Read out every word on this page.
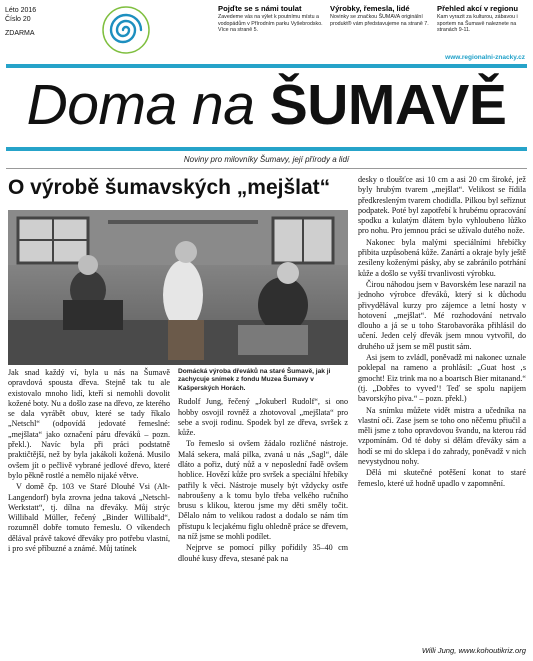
Léto 2016
Číslo 20
ZDARMA
Pojďte se s námi toulat
Zavedeme vás na výlet k poutnímu místu a vodopádům v Přírodním parku Vyšebrodsko. Více na straně 5.
Výrobky, řemesla, lidé
Novinky se značkou ŠUMAVA originální produkt® vám představujeme na straně 7.
Přehled akcí v regionu
Kam vyrazit za kulturou, zábavou i sportem na Šumavě naleznete na stranách 9-11.
www.regionalni-znacky.cz
Doma na ŠUMAVĚ
Noviny pro milovníky Šumavy, její přírody a lidí
O výrobě šumavských „mejšlat“

Jak snad každý ví, byla u nás na Šumavě opravdová spousta dřeva. Stejně tak tu ale existovalo mnoho lidí, kteří si nemohli dovolit kožené boty. Nu a došlo zase na dřevo, ze kterého se dala vyrábět obuv, které se tady říkalo „Netschl“ (odpovídá jedovaté řemeslné: „mejšlata“ jako označení páru dřeváků – pozn. překl.). Navíc byla při práci podstatně praktičtější, než by byla jakákoli kožená. Musilo ovšem jít o pečlivě vybrané jedlové dřevo, které bylo pěkně rostlé a nemělo nijaké větve.

V domě čp. 103 ve Staré Dlouhé Vsi (Alt-Langendorf) byla zrovna jedna taková „Netschl-Werkstatt“, tj. dílna na dřeváky. Můj strýc Willibald Müller, řečený „Binder Willibald“, rozumněl dobře tomuto řemeslu. O víkendech dělával právě takové dřeváky pro potřebu vlastní, i pro své příbuzné a známé. Můj tatínek

Domácká výroba dřeváků na staré Šumavě, jak ji zachycuje snímek z fondu Muzea Šumavy v Kašperských Horách.

Rudolf Jung, řečený „Jokuberl Rudolf“, si ono hobby osvojil rovněž a zhotovoval „mejšlata“ pro sebe a svoji rodinu. Spodek byl ze dřeva, svršek z kůže.

To řemeslo si ovšem žádalo rozličné nástroje. Malá sekera, malá pilka, zvaná u nás „Sagl“, dále dláto a pořiz, dutý nůž a v neposlední řadě ovšem hoblice. Hovězí kůže pro svršek a speciální hřebíky patřily k věci. Nástroje musely být vždycky ostře nabroušeny a k tomu bylo třeba velkého ručního brusu s klikou, kterou jsme my děti směly točit. Dělalo nám to velikou radost a dodalo se nám tím přístupu k lecjakému figlu ohledně práce se dřevem, na níž jsme se mohli podílet.

Nejprve se pomocí pilky pořídily 35–40 cm dlouhé kusy dřeva, stesané pak na

desky o tloušťce asi 10 cm a asi 20 cm široké, jež byly hrubým tvarem „mejšlat“. Velikost se řídila předkresleným tvarem chodidla. Pilkou byl seříznut podpatek. Poté byl zapotřebí k hrubému opracování spodku a kulatým dlátem bylo vyhloubeno lůžko pro nohu. Pro jemnou práci se užívalo dutého nože.

Nakonec byla malými speciálními hřebíčky přibita uzpůsobená kůže. Zanártí a okraje byly ještě zesíleny koženými pásky, aby se zabránilo potrhání kůže a došlo se vyšší trvanlivosti výrobku.

Čirou náhodou jsem v Bavorském lese narazil na jednoho výrobce dřeváků, který si k důchodu přivydělával kurzy pro zájemce a letní hosty v hotovení „mejšlat“. Mé rozhodování netrvalo dlouho a já se u toho Starobavoráka přihlásil do učení. Jeden celý dřevák jsem mnou vytvořil, do druhého už jsem se měl pustit sám.

Asi jsem to zvládl, poněvadž mi nakonec uznale poklepal na rameno a prohlásil: „Guat host ‚s gmocht! Eiz trink ma no a boartsch Bier mitanand.“ (tj. „Dobřes to vyved’! Teď se spolu napijem bavorskýho piva.“ – pozn. překl.)

Na snímku můžete vidět mistra a učedníka na vlastní oči. Zase jsem se toho ono něčemu přiučil a měli jsme z toho opravdovou švandu, na kterou rád vzpomínám. Od té doby si dělám dřeváky sám a hodí se mi do sklepa i do zahrady, poněvadž v nich nevystydnou nohy.

Dělá mi skutečné potěšení konat to staré řemeslo, které už hodně upadlo v zapomnění.

Willi Jung, www.kohoutikriz.org
